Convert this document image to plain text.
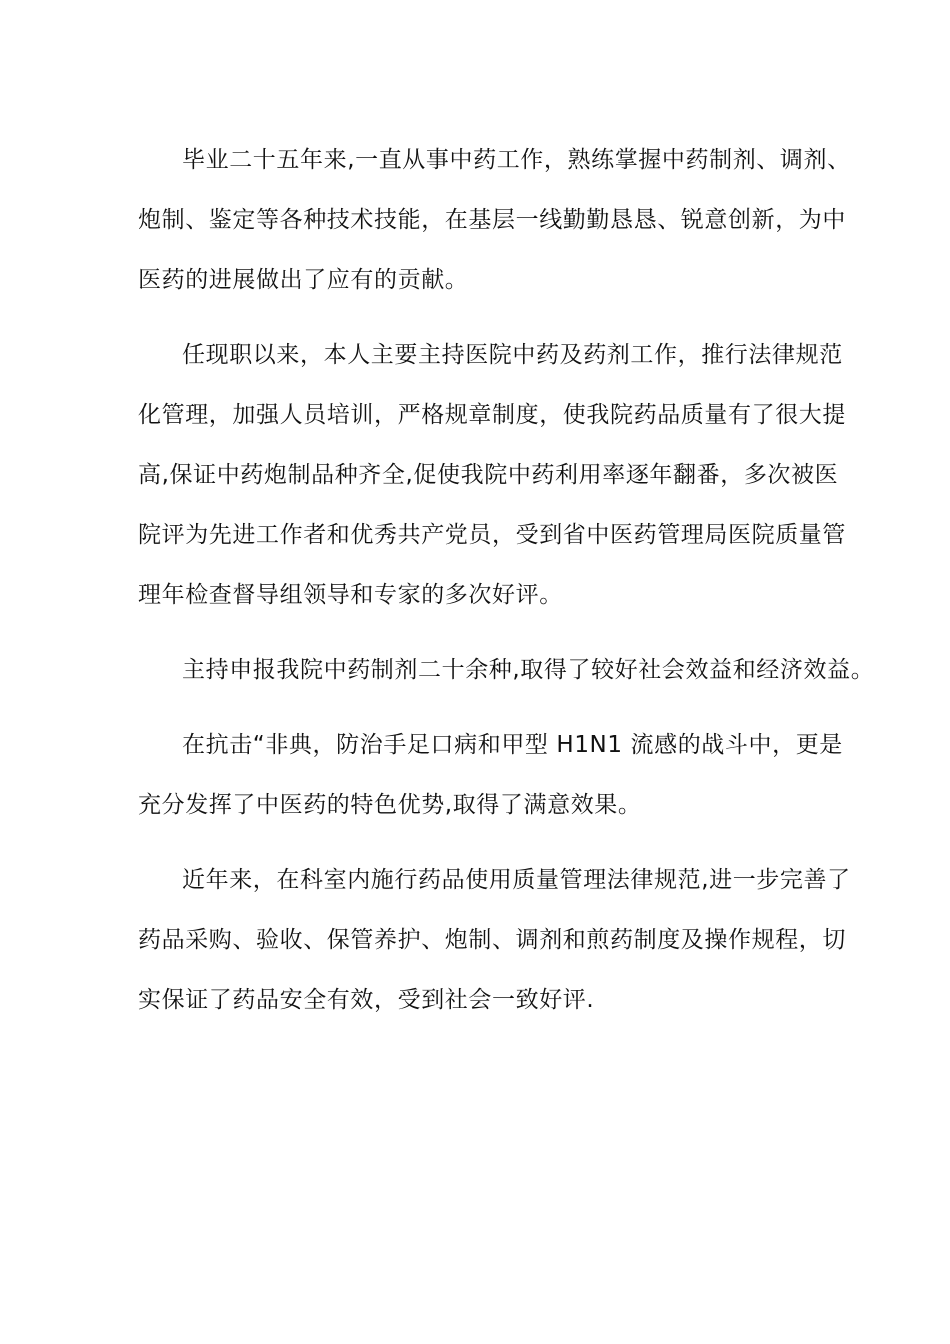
毕业二十五年来,一直从事中药工作，熟练掌握中药制剂、调剂、
炮制、鉴定等各种技术技能，在基层一线勤勤恳恳、锐意创新，为中
医药的进展做出了应有的贡献。
任现职以来，本人主要主持医院中药及药剂工作，推行法律规范
化管理，加强人员培训，严格规章制度，使我院药品质量有了很大提
高,保证中药炮制品种齐全,促使我院中药利用率逐年翻番，多次被医
院评为先进工作者和优秀共产党员，受到省中医药管理局医院质量管
理年检查督导组领导和专家的多次好评。
主持申报我院中药制剂二十余种,取得了较好社会效益和经济效益。
在抗击“非典，防治手足口病和甲型 H1N1 流感的战斗中，更是
充分发挥了中医药的特色优势,取得了满意效果。
近年来，在科室内施行药品使用质量管理法律规范,进一步完善了
药品采购、验收、保管养护、炮制、调剂和煎药制度及操作规程，切
实保证了药品安全有效，受到社会一致好评.
